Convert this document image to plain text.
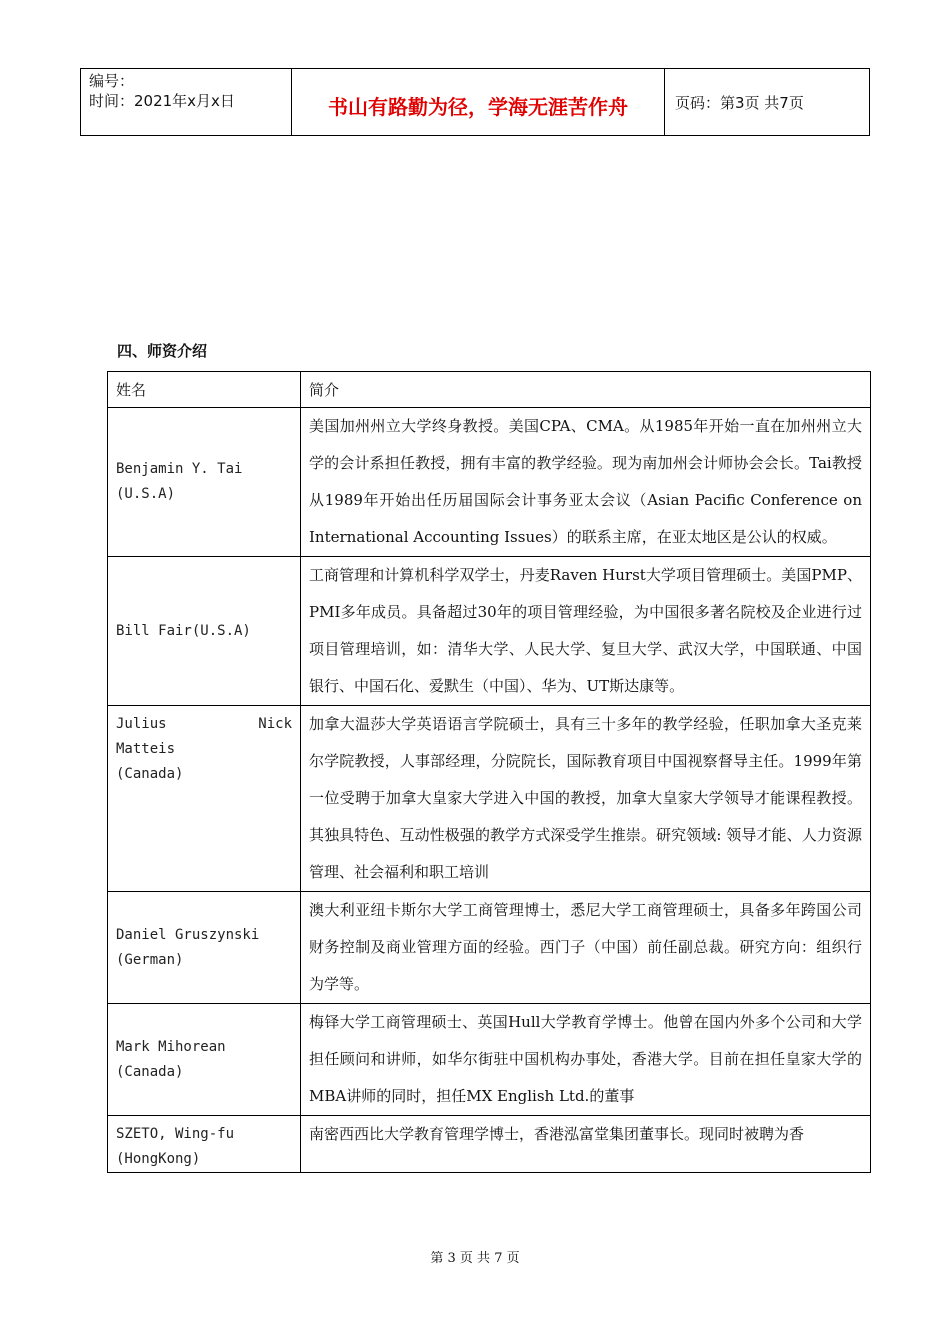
编号：
时间：2021年x月x日	书山有路勤为径，学海无涯苦作舟	页码：第3页 共7页
四、师资介绍
姓名	简介

Benjamin Y. Tai
(U.S.A)	美国加州州立大学终身教授。美国CPA、CMA。从1985年开始一直在加州州立大学的会计系担任教授，拥有丰富的教学经验。现为南加州会计师协会会长。Tai教授从1989年开始出任历届国际会计事务亚太会议（Asian Pacific Conference on International Accounting Issues）的联系主席，在亚太地区是公认的权威。

Bill Fair(U.S.A)	工商管理和计算机科学双学士，丹麦Raven Hurst大学项目管理硕士。美国PMP、PMI多年成员。具备超过30年的项目管理经验，为中国很多著名院校及企业进行过项目管理培训，如：清华大学、人民大学、复旦大学、武汉大学，中国联通、中国银行、中国石化、爱默生（中国）、华为、UT斯达康等。

Julius Nick
Matteis
(Canada)	加拿大温莎大学英语语言学院硕士，具有三十多年的教学经验，任职加拿大圣克莱尔学院教授，人事部经理，分院院长，国际教育项目中国视察督导主任。1999年第一位受聘于加拿大皇家大学进入中国的教授，加拿大皇家大学领导才能课程教授。其独具特色、互动性极强的教学方式深受学生推崇。研究领域: 领导才能、人力资源管理、社会福利和职工培训

Daniel Gruszynski
(German)	澳大利亚纽卡斯尔大学工商管理博士，悉尼大学工商管理硕士，具备多年跨国公司财务控制及商业管理方面的经验。西门子（中国）前任副总裁。研究方向：组织行为学等。

Mark Mihorean
(Canada)	梅铎大学工商管理硕士、英国Hull大学教育学博士。他曾在国内外多个公司和大学担任顾问和讲师，如华尔街驻中国机构办事处，香港大学。目前在担任皇家大学的MBA讲师的同时，担任MX English Ltd.的董事

SZETO, Wing-fu
(HongKong)	南密西西比大学教育管理学博士，香港泓富堂集团董事长。现同时被聘为香
第 3 页 共 7 页
